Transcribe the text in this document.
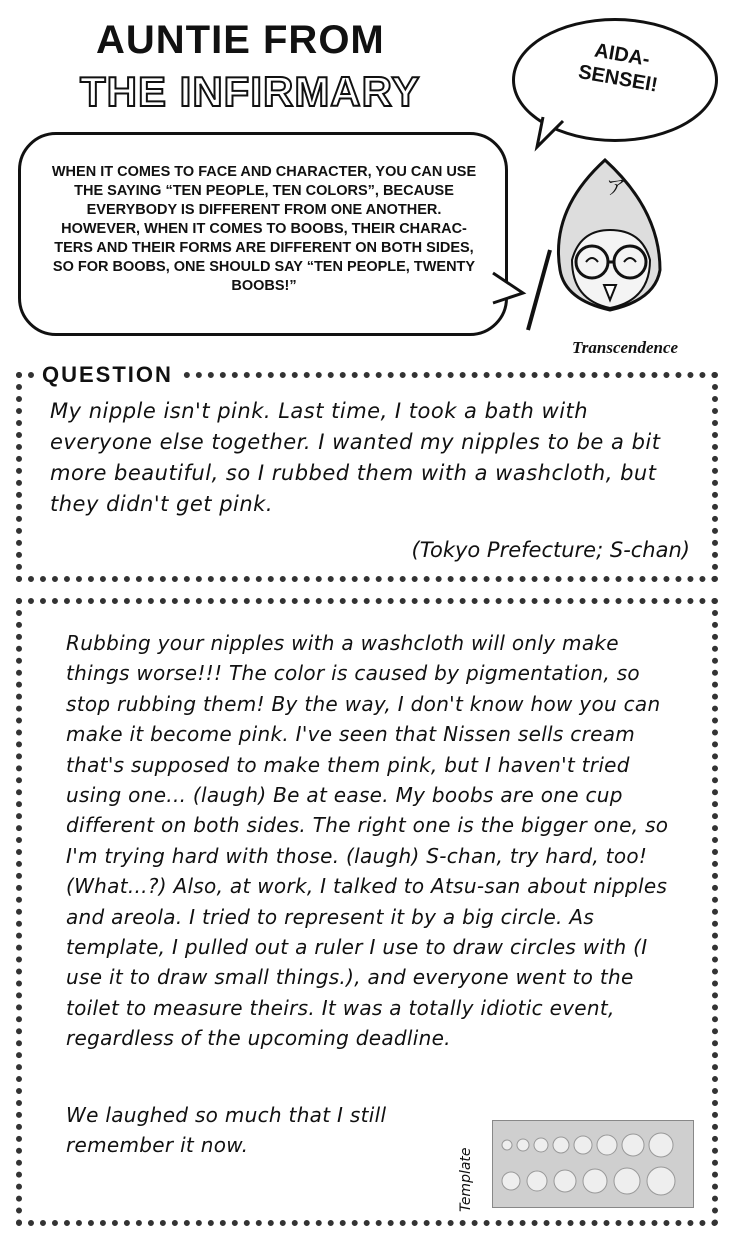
AUNTIE FROM
THE INFIRMARY
AIDA-SENSEI!
WHEN IT COMES TO FACE AND CHARACTER, YOU CAN USE THE SAYING “TEN PEOPLE, TEN COLORS”, BECAUSE EVERYBODY IS DIFFERENT FROM ONE ANOTHER. HOWEVER, WHEN IT COMES TO BOOBS, THEIR CHARAC-TERS AND THEIR FORMS ARE DIFFERENT ON BOTH SIDES, SO FOR BOOBS, ONE SHOULD SAY “TEN PEOPLE, TWENTY BOOBS!”
ア
Transcendence
QUESTION
My nipple isn't pink. Last time, I took a bath with everyone else together. I wanted my nipples to be a bit more beautiful, so I rubbed them with a washcloth, but they didn't get pink.
(Tokyo Prefecture; S-chan)
Rubbing your nipples with a washcloth will only make things worse!!! The color is caused by pigmentation, so stop rubbing them! By the way, I don't know how you can make it become pink. I've seen that Nissen sells cream that's supposed to make them pink, but I haven't tried using one... (laugh) Be at ease. My boobs are one cup different on both sides. The right one is the bigger one, so I'm trying hard with those. (laugh) S-chan, try hard, too! (What...?) Also, at work, I talked to Atsu-san about nipples and areola. I tried to represent it by a big circle. As template, I pulled out a ruler I use to draw circles with (I use it to draw small things.), and everyone went to the toilet to measure theirs. It was a totally idiotic event, regardless of the upcoming deadline.
We laughed so much that I still remember it now.
Template
